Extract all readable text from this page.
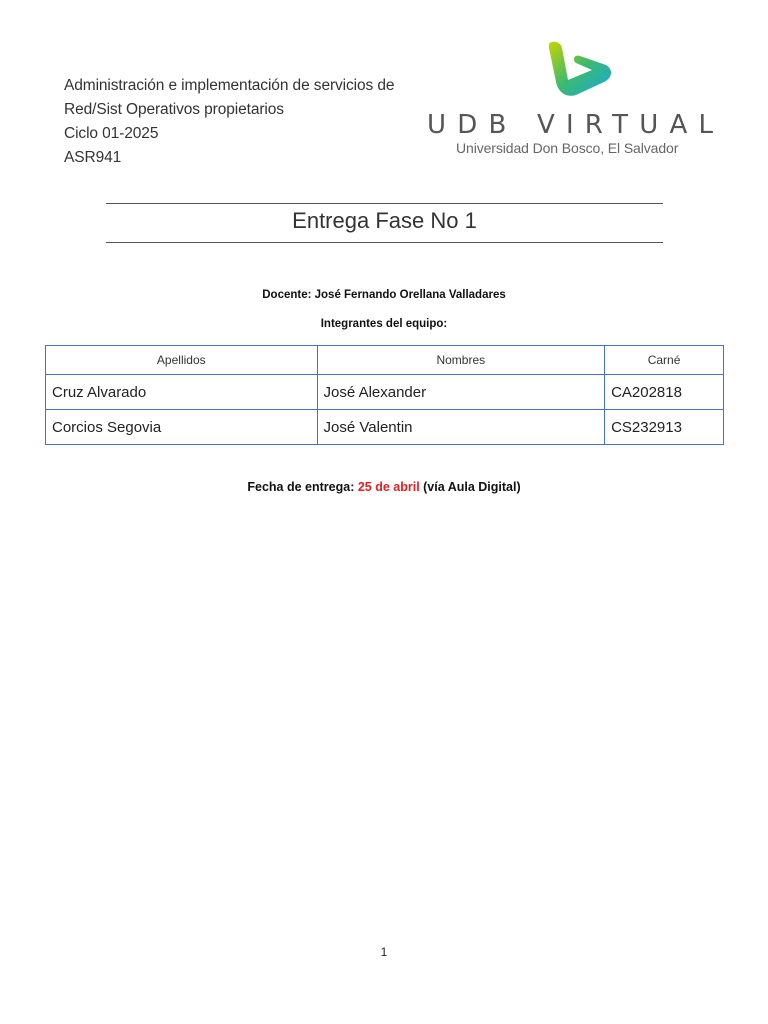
Administración e implementación de servicios de
Red/Sist Operativos propietarios
Ciclo 01-2025
ASR941
UDB VIRTUAL
Universidad Don Bosco, El Salvador
Entrega Fase No 1
Docente: José Fernando Orellana Valladares
Integrantes del equipo:
Apellidos	Nombres	Carné
Cruz Alvarado	José Alexander	CA202818
Corcios Segovia	José Valentin	CS232913
Fecha de entrega: 25 de abril (vía Aula Digital)
1
